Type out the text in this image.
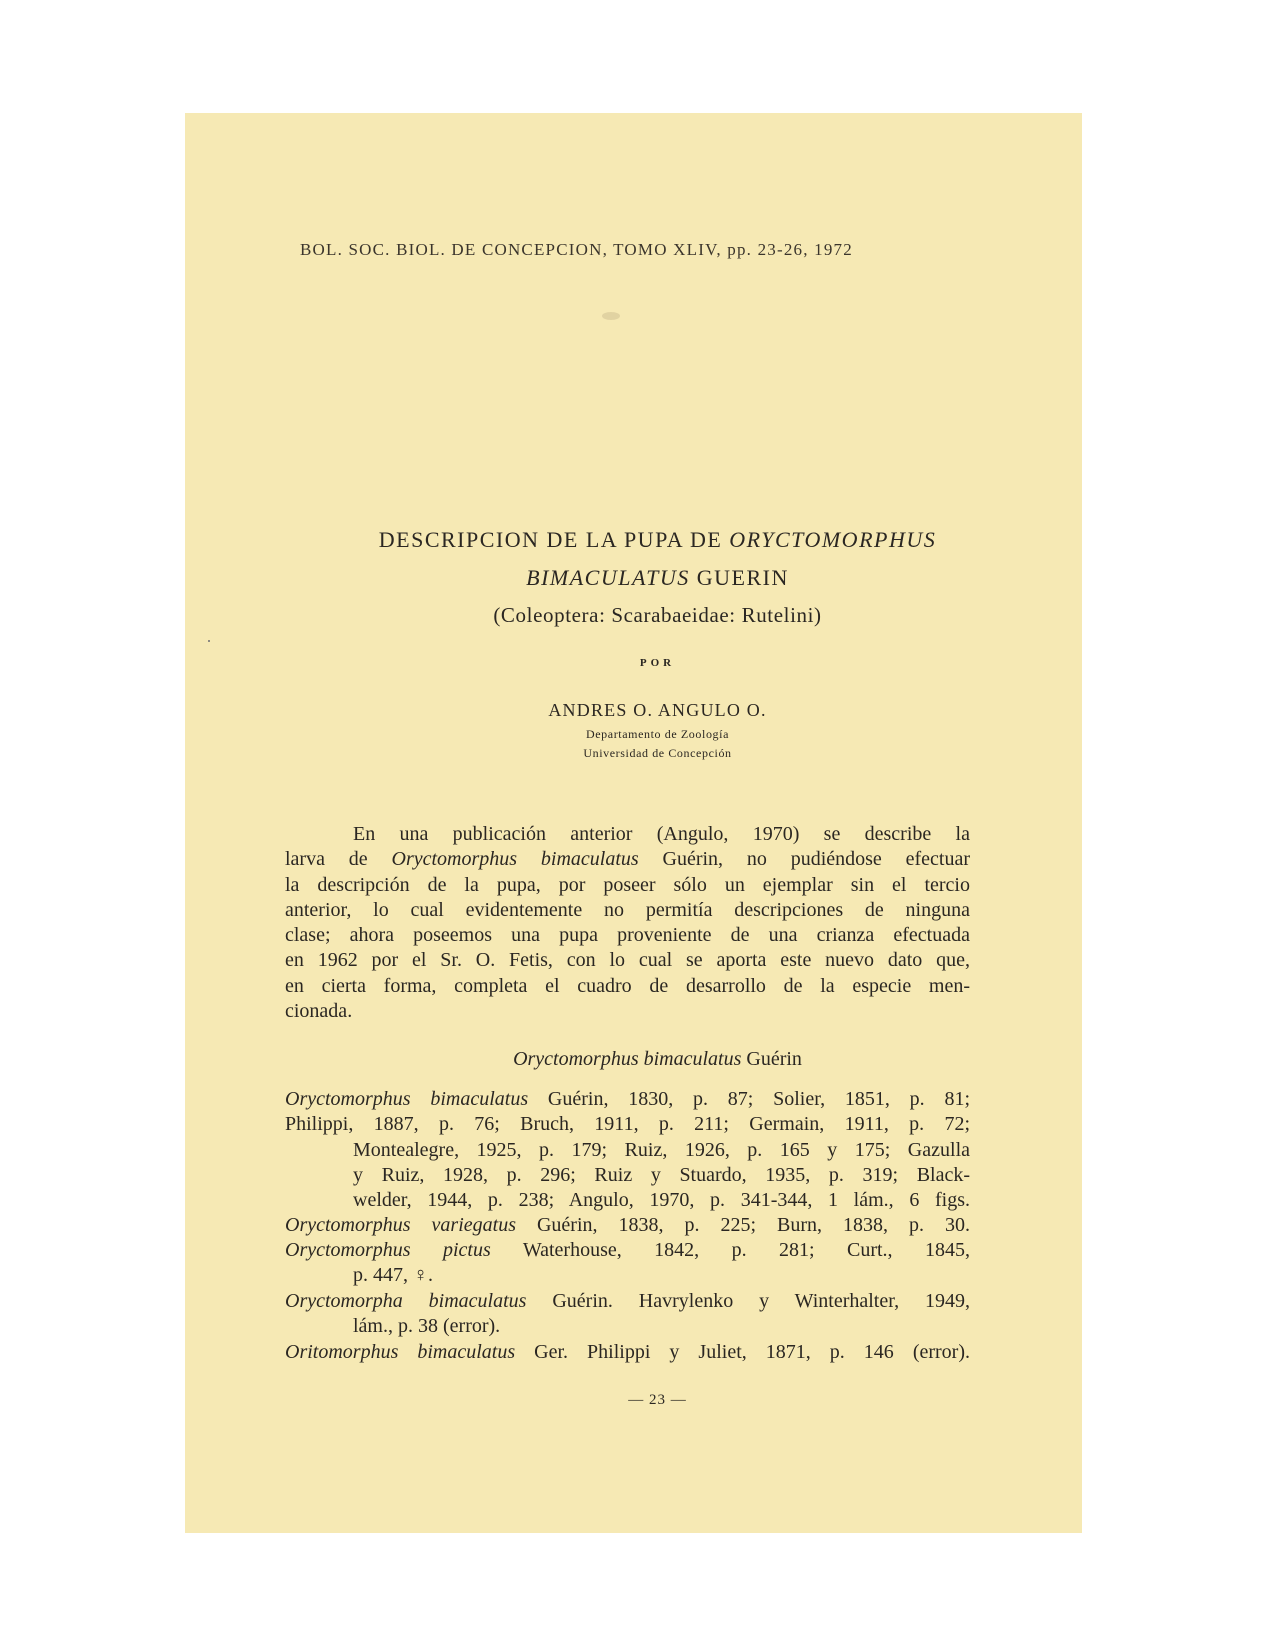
BOL. SOC. BIOL. DE CONCEPCION, TOMO XLIV, pp. 23-26, 1972
DESCRIPCION DE LA PUPA DE ORYCTOMORPHUS
BIMACULATUS GUERIN
(Coleoptera: Scarabaeidae: Rutelini)
POR
ANDRES O. ANGULO O.
Departamento de Zoología
Universidad de Concepción
En una publicación anterior (Angulo, 1970) se describe la
larva de Oryctomorphus bimaculatus Guérin, no pudiéndose efectuar
la descripción de la pupa, por poseer sólo un ejemplar sin el tercio
anterior, lo cual evidentemente no permitía descripciones de ninguna
clase; ahora poseemos una pupa proveniente de una crianza efectuada
en 1962 por el Sr. O. Fetis, con lo cual se aporta este nuevo dato que,
en cierta forma, completa el cuadro de desarrollo de la especie men-
cionada.
Oryctomorphus bimaculatus Guérin
Oryctomorphus bimaculatus Guérin, 1830, p. 87; Solier, 1851, p. 81;
Philippi, 1887, p. 76; Bruch, 1911, p. 211; Germain, 1911, p. 72;
Montealegre, 1925, p. 179; Ruiz, 1926, p. 165 y 175; Gazulla
y Ruiz, 1928, p. 296; Ruiz y Stuardo, 1935, p. 319; Black-
welder, 1944, p. 238; Angulo, 1970, p. 341-344, 1 lám., 6 figs.
Oryctomorphus variegatus Guérin, 1838, p. 225; Burn, 1838, p. 30.
Oryctomorphus pictus Waterhouse, 1842, p. 281; Curt., 1845,
p. 447, ♀.
Oryctomorpha bimaculatus Guérin. Havrylenko y Winterhalter, 1949,
lám., p. 38 (error).
Oritomorphus bimaculatus Ger. Philippi y Juliet, 1871, p. 146 (error).
— 23 —
